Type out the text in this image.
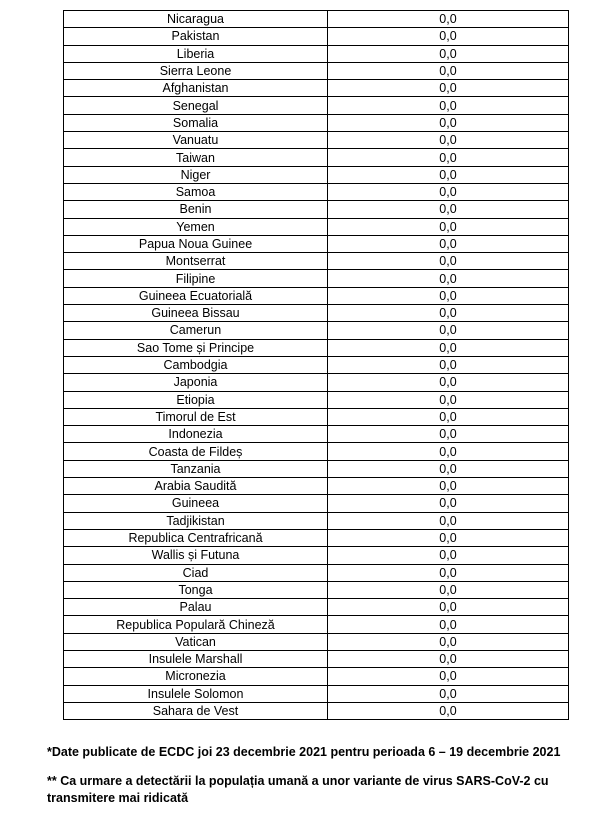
Nicaragua	0,0
Pakistan	0,0
Liberia	0,0
Sierra Leone	0,0
Afghanistan	0,0
Senegal	0,0
Somalia	0,0
Vanuatu	0,0
Taiwan	0,0
Niger	0,0
Samoa	0,0
Benin	0,0
Yemen	0,0
Papua Noua Guinee	0,0
Montserrat	0,0
Filipine	0,0
Guineea Ecuatorială	0,0
Guineea Bissau	0,0
Camerun	0,0
Sao Tome și Principe	0,0
Cambodgia	0,0
Japonia	0,0
Etiopia	0,0
Timorul de Est	0,0
Indonezia	0,0
Coasta de Fildeș	0,0
Tanzania	0,0
Arabia Saudită	0,0
Guineea	0,0
Tadjikistan	0,0
Republica Centrafricană	0,0
Wallis și Futuna	0,0
Ciad	0,0
Tonga	0,0
Palau	0,0
Republica Populară Chineză	0,0
Vatican	0,0
Insulele Marshall	0,0
Micronezia	0,0
Insulele Solomon	0,0
Sahara de Vest	0,0
*Date publicate de ECDC joi 23 decembrie 2021 pentru perioada 6 – 19 decembrie 2021
** Ca urmare a detectării la populația umană a unor variante de virus SARS-CoV-2 cu transmitere mai ridicată
